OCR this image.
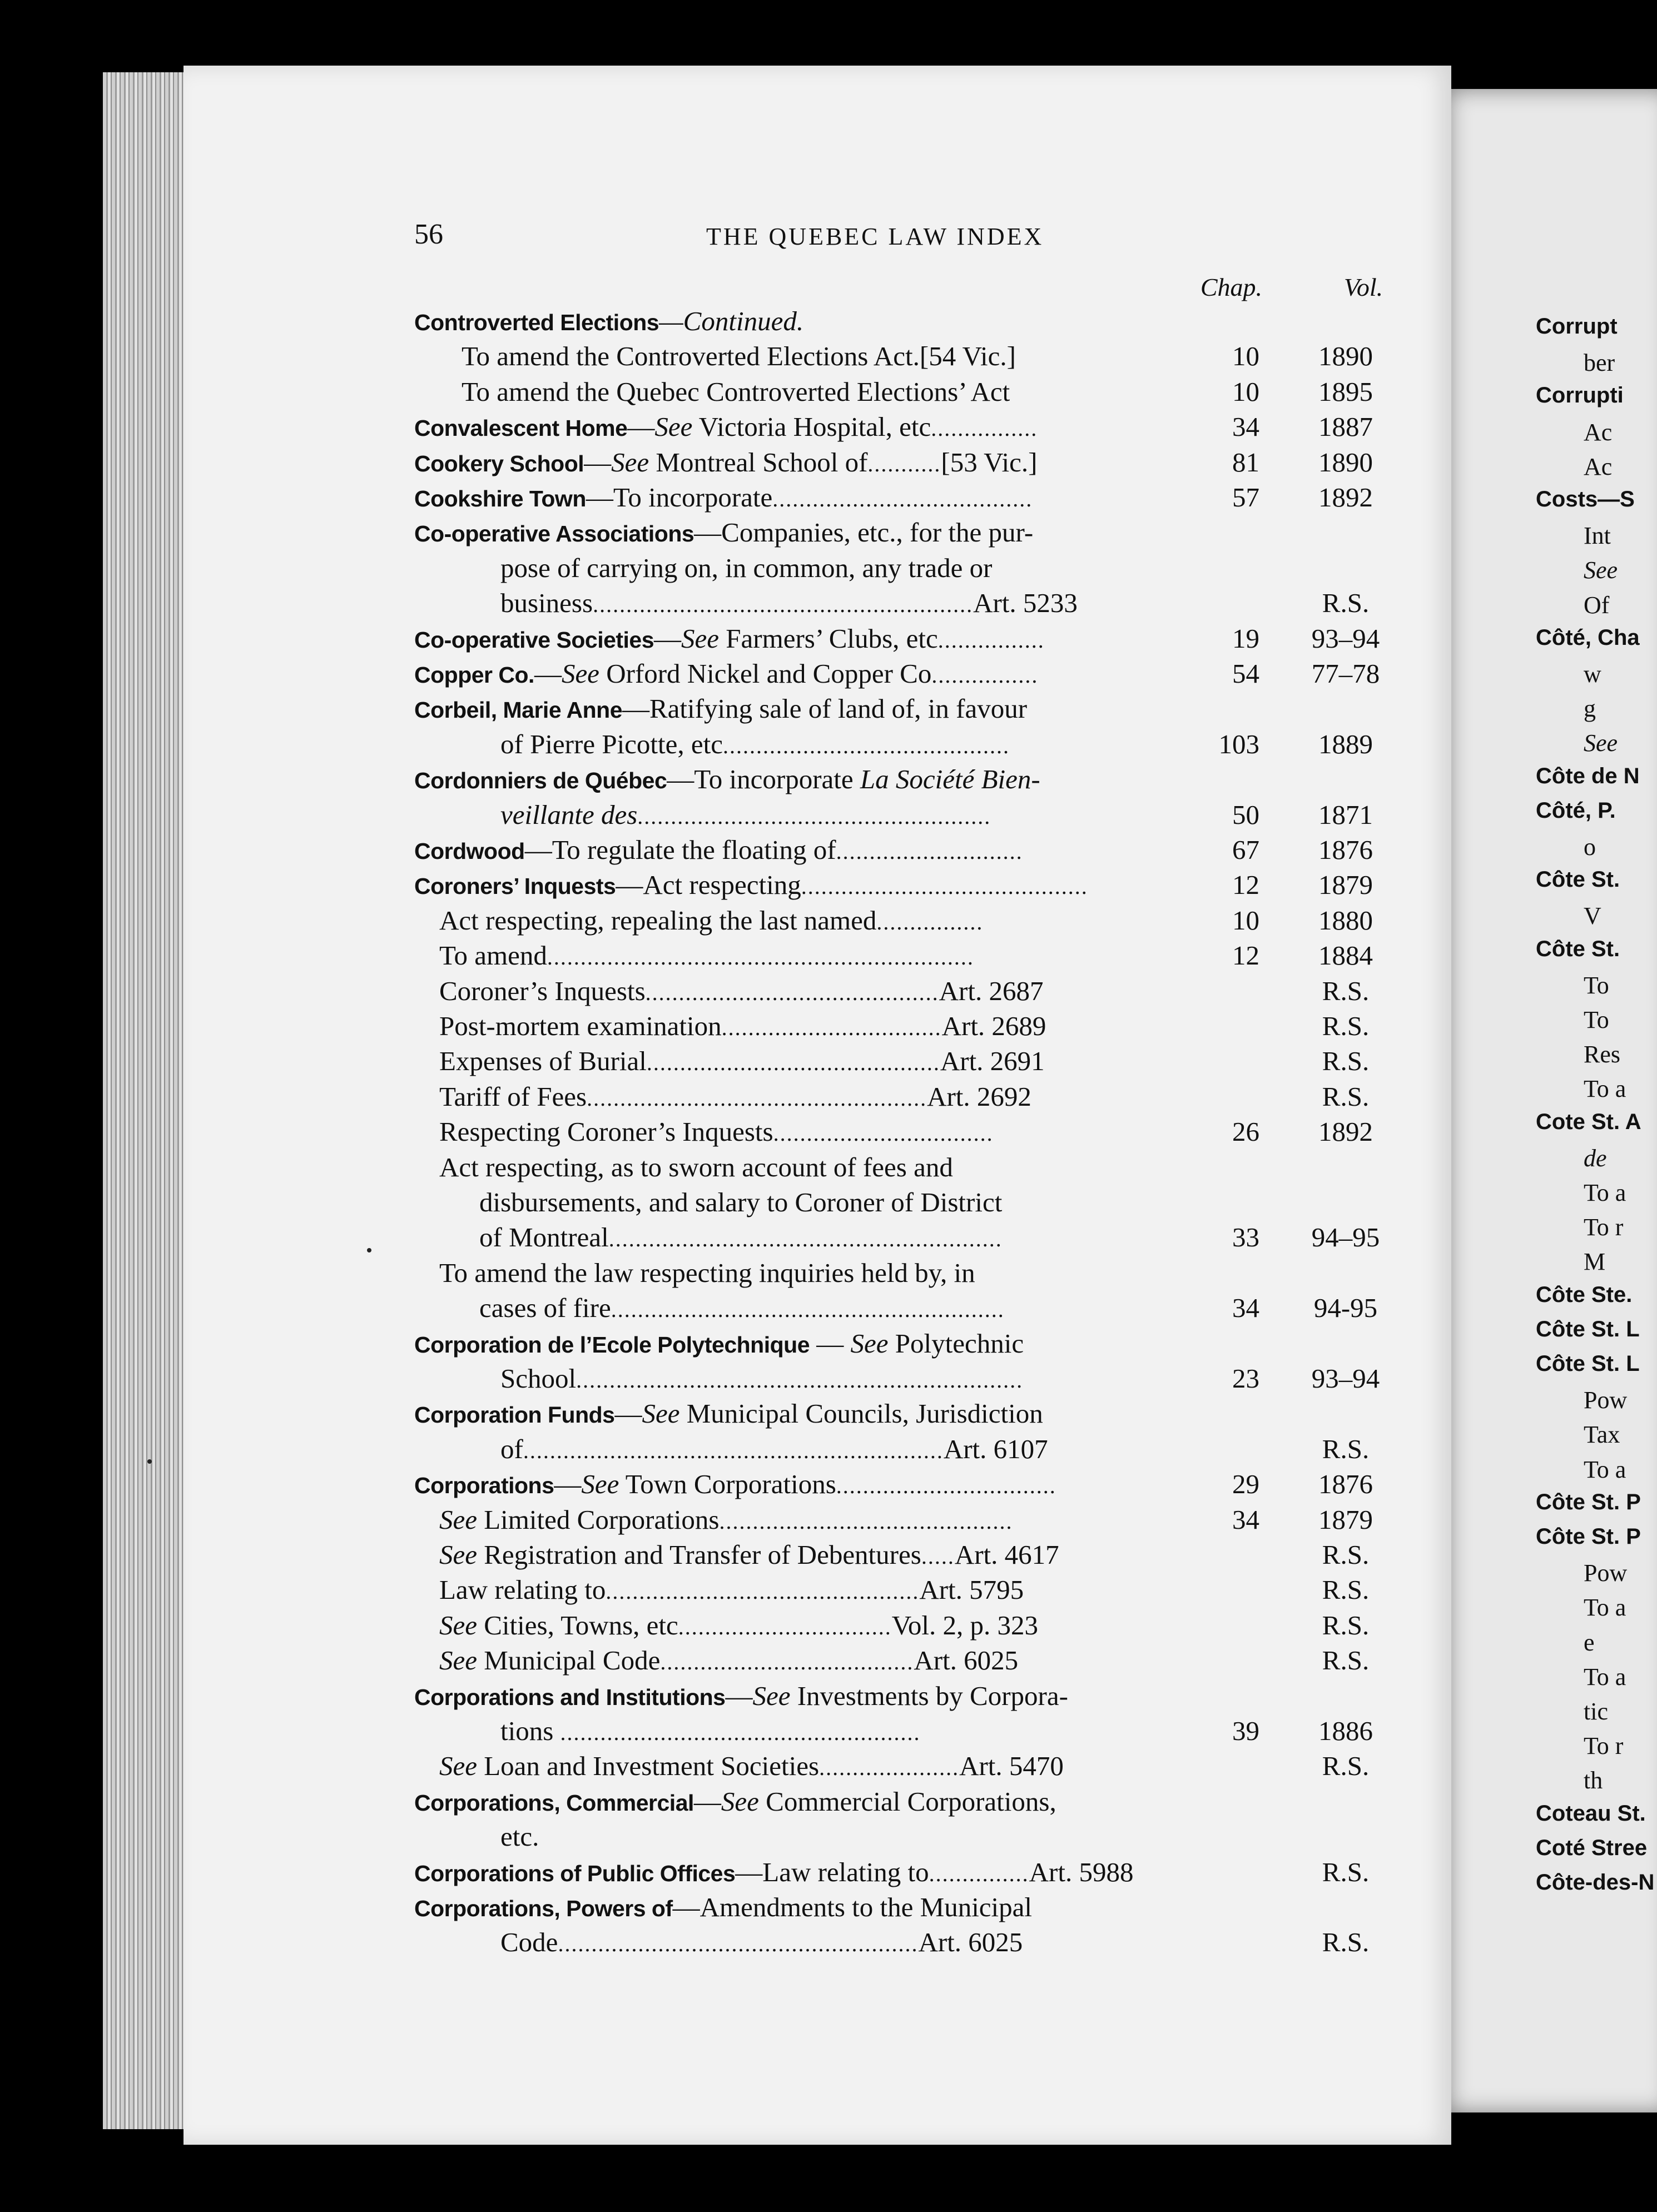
56	THE QUEBEC LAW INDEX
Chap.	Vol.
Controverted Elections—Continued.
To amend the Controverted Elections Act.[54 Vic.]	10	1890
To amend the Quebec Controverted Elections’ Act	10	1895
Convalescent Home—See Victoria Hospital, etc................	34	1887
Cookery School—See Montreal School of...........[53 Vic.]	81	1890
Cookshire Town—To incorporate.......................................	57	1892
Co-operative Associations—Companies, etc., for the pur-
pose of carrying on, in common, any trade or
business.........................................................Art. 5233	R.S.
Co-operative Societies—See Farmers’ Clubs, etc................	19	93–94
Copper Co.—See Orford Nickel and Copper Co................	54	77–78
Corbeil, Marie Anne—Ratifying sale of land of, in favour
of Pierre Picotte, etc...........................................	103	1889
Cordonniers de Québec—To incorporate La Société Bien-
veillante des.....................................................	50	1871
Cordwood—To regulate the floating of............................	67	1876
Coroners’ Inquests—Act respecting...........................................	12	1879
Act respecting, repealing the last named................	10	1880
To amend................................................................	12	1884
Coroner’s Inquests............................................Art. 2687	R.S.
Post-mortem examination.................................Art. 2689	R.S.
Expenses of Burial............................................Art. 2691	R.S.
Tariff of Fees...................................................Art. 2692	R.S.
Respecting Coroner’s Inquests.................................	26	1892
Act respecting, as to sworn account of fees and
disbursements, and salary to Coroner of District
of Montreal...........................................................	33	94–95
To amend the law respecting inquiries held by, in
cases of fire...........................................................	34	94-95
Corporation de l’Ecole Polytechnique — See Polytechnic
School...................................................................	23	93–94
Corporation Funds—See Municipal Councils, Jurisdiction
of...............................................................Art. 6107	R.S.
Corporations—See Town Corporations.................................	29	1876
See Limited Corporations............................................	34	1879
See Registration and Transfer of Debentures.....Art. 4617	R.S.
Law relating to...............................................Art. 5795	R.S.
See Cities, Towns, etc................................Vol. 2, p. 323	R.S.
See Municipal Code......................................Art. 6025	R.S.
Corporations and Institutions—See Investments by Corpora-
tions ......................................................	39	1886
See Loan and Investment Societies.....................Art. 5470	R.S.
Corporations, Commercial—See Commercial Corporations,
etc.
Corporations of Public Offices—Law relating to...............Art. 5988	R.S.
Corporations, Powers of—Amendments to the Municipal
Code......................................................Art. 6025	R.S.
Corrupt
ber
Corrupti
Ac
Ac
Costs—S
Int
See
Of
Côté, Cha
w
g
See
Côte de N
Côté, P.
o
Côte St.
V
Côte St.
To
To
Res
To a
Cote St. A
de
To a
To r
M
Côte Ste.
Côte St. L
Côte St. L
Pow
Tax
To a
Côte St. P
Côte St. P
Pow
To a
e
To a
tic
To r
th
Coteau St.
Coté Stree
Côte-des-N
